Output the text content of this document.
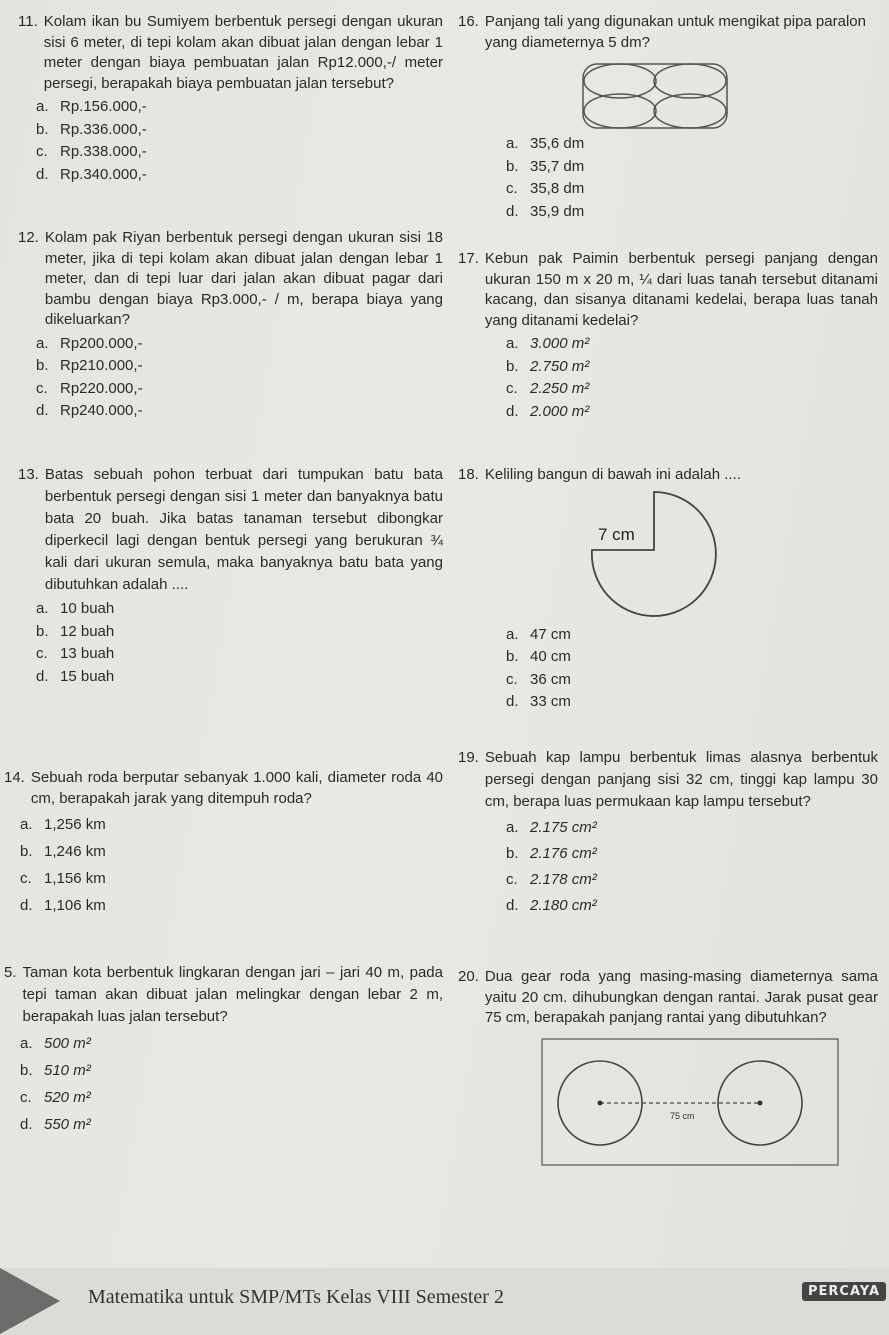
11. Kolam ikan bu Sumiyem berbentuk persegi dengan ukuran sisi 6 meter, di tepi kolam akan dibuat jalan dengan lebar 1 meter dengan biaya pembuatan jalan Rp12.000,-/ meter persegi, berapakah biaya pembuatan jalan tersebut?
a. Rp.156.000,-
b. Rp.336.000,-
c. Rp.338.000,-
d. Rp.340.000,-
12. Kolam pak Riyan berbentuk persegi dengan ukuran sisi 18 meter, jika di tepi kolam akan dibuat jalan dengan lebar 1 meter, dan di tepi luar dari jalan akan dibuat pagar dari bambu dengan biaya Rp3.000,- / m, berapa biaya yang dikeluarkan?
a. Rp200.000,-
b. Rp210.000,-
c. Rp220.000,-
d. Rp240.000,-
13. Batas sebuah pohon terbuat dari tumpukan batu bata berbentuk persegi dengan sisi 1 meter dan banyaknya batu bata 20 buah. Jika batas tanaman tersebut dibongkar diperkecil lagi dengan bentuk persegi yang berukuran ¾ kali dari ukuran semula, maka banyaknya batu bata yang dibutuhkan adalah ....
a. 10 buah
b. 12 buah
c. 13 buah
d. 15 buah
14. Sebuah roda berputar sebanyak 1.000 kali, diameter roda 40 cm, berapakah jarak yang ditempuh roda?
a. 1,256 km
b. 1,246 km
c. 1,156 km
d. 1,106 km
5. Taman kota berbentuk lingkaran dengan jari – jari 40 m, pada tepi taman akan dibuat jalan melingkar dengan lebar 2 m, berapakah luas jalan tersebut?
a. 500 m²
b. 510 m²
c. 520 m²
d. 550 m²
16. Panjang tali yang digunakan untuk mengikat pipa paralon yang diameternya 5 dm?
a. 35,6 dm
b. 35,7 dm
c. 35,8 dm
d. 35,9 dm
17. Kebun pak Paimin berbentuk persegi panjang dengan ukuran 150 m x 20 m, ¼ dari luas tanah tersebut ditanami kacang, dan sisanya ditanami kedelai, berapa luas tanah yang ditanami kedelai?
a. 3.000 m²
b. 2.750 m²
c. 2.250 m²
d. 2.000 m²
18. Keliling bangun di bawah ini adalah ....
7 cm
a. 47 cm
b. 40 cm
c. 36 cm
d. 33 cm
19. Sebuah kap lampu berbentuk limas alasnya berbentuk persegi dengan panjang sisi 32 cm, tinggi kap lampu 30 cm, berapa luas permukaan kap lampu tersebut?
a. 2.175 cm²
b. 2.176 cm²
c. 2.178 cm²
d. 2.180 cm²
20. Dua gear roda yang masing-masing diameternya sama yaitu 20 cm. dihubungkan dengan rantai. Jarak pusat gear 75 cm, berapakah panjang rantai yang dibutuhkan?
75 cm
Matematika untuk SMP/MTs Kelas VIII Semester 2	PERCAYA
